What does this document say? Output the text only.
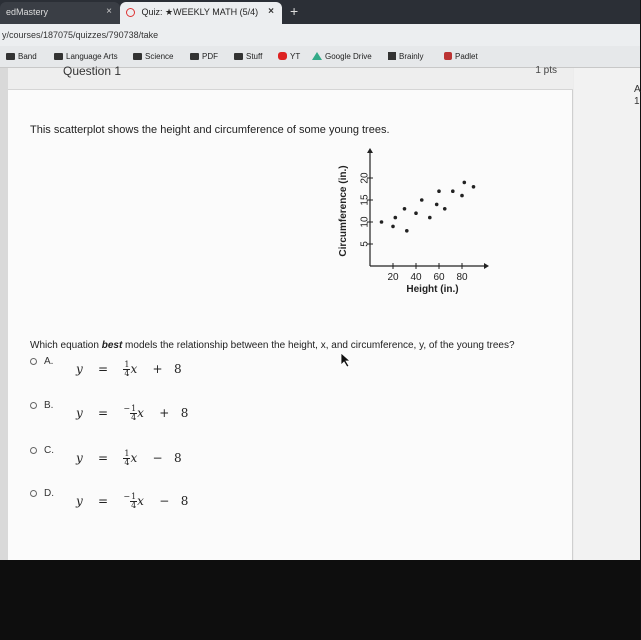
edMastery	×	Quiz: ★WEEKLY MATH (5/4) × +
y/courses/187075/quizzes/790738/take
Band	Language Arts	Science	PDF	Stuff	YT	Google Drive	Brainly	Padlet
Question 1	1 pts
This scatterplot shows the height and circumference of some young trees.
20 40 60 80
5
10
15
20
Height (in.)
Circumference (in.)
Which equation best models the relationship between the height, x, and circumference, y, of the young trees?
A.
$y = \frac{1}{4}$ x + 8
B.
$y = ^- \frac{1}{4}$ x + 8
C.
$y = \frac{1}{4}$ x − 8
D.
$y = ^- \frac{1}{4}$ x − 8
A
1
